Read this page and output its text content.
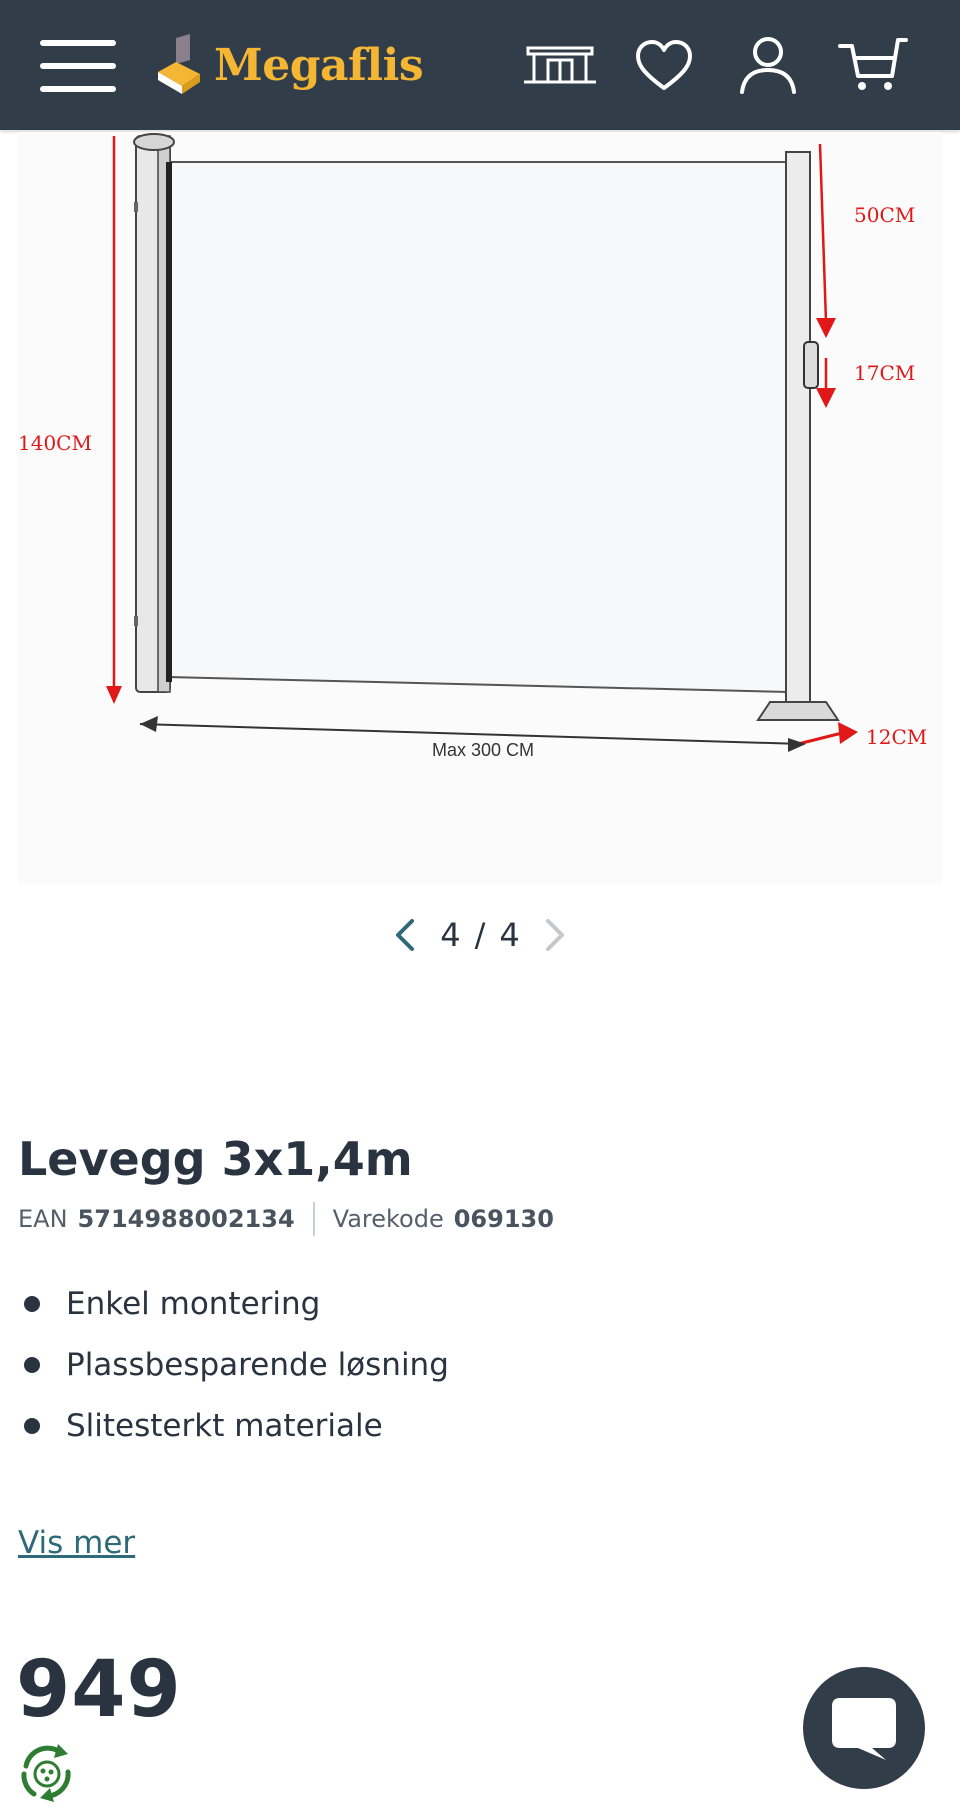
Megaflis
140CM
50CM
17CM
12CM
Max 300 CM
4 / 4
Levegg 3x1,4m
EAN 5714988002134 Varekode 069130
Enkel montering
Plassbesparende løsning
Slitesterkt materiale
Vis mer
949
